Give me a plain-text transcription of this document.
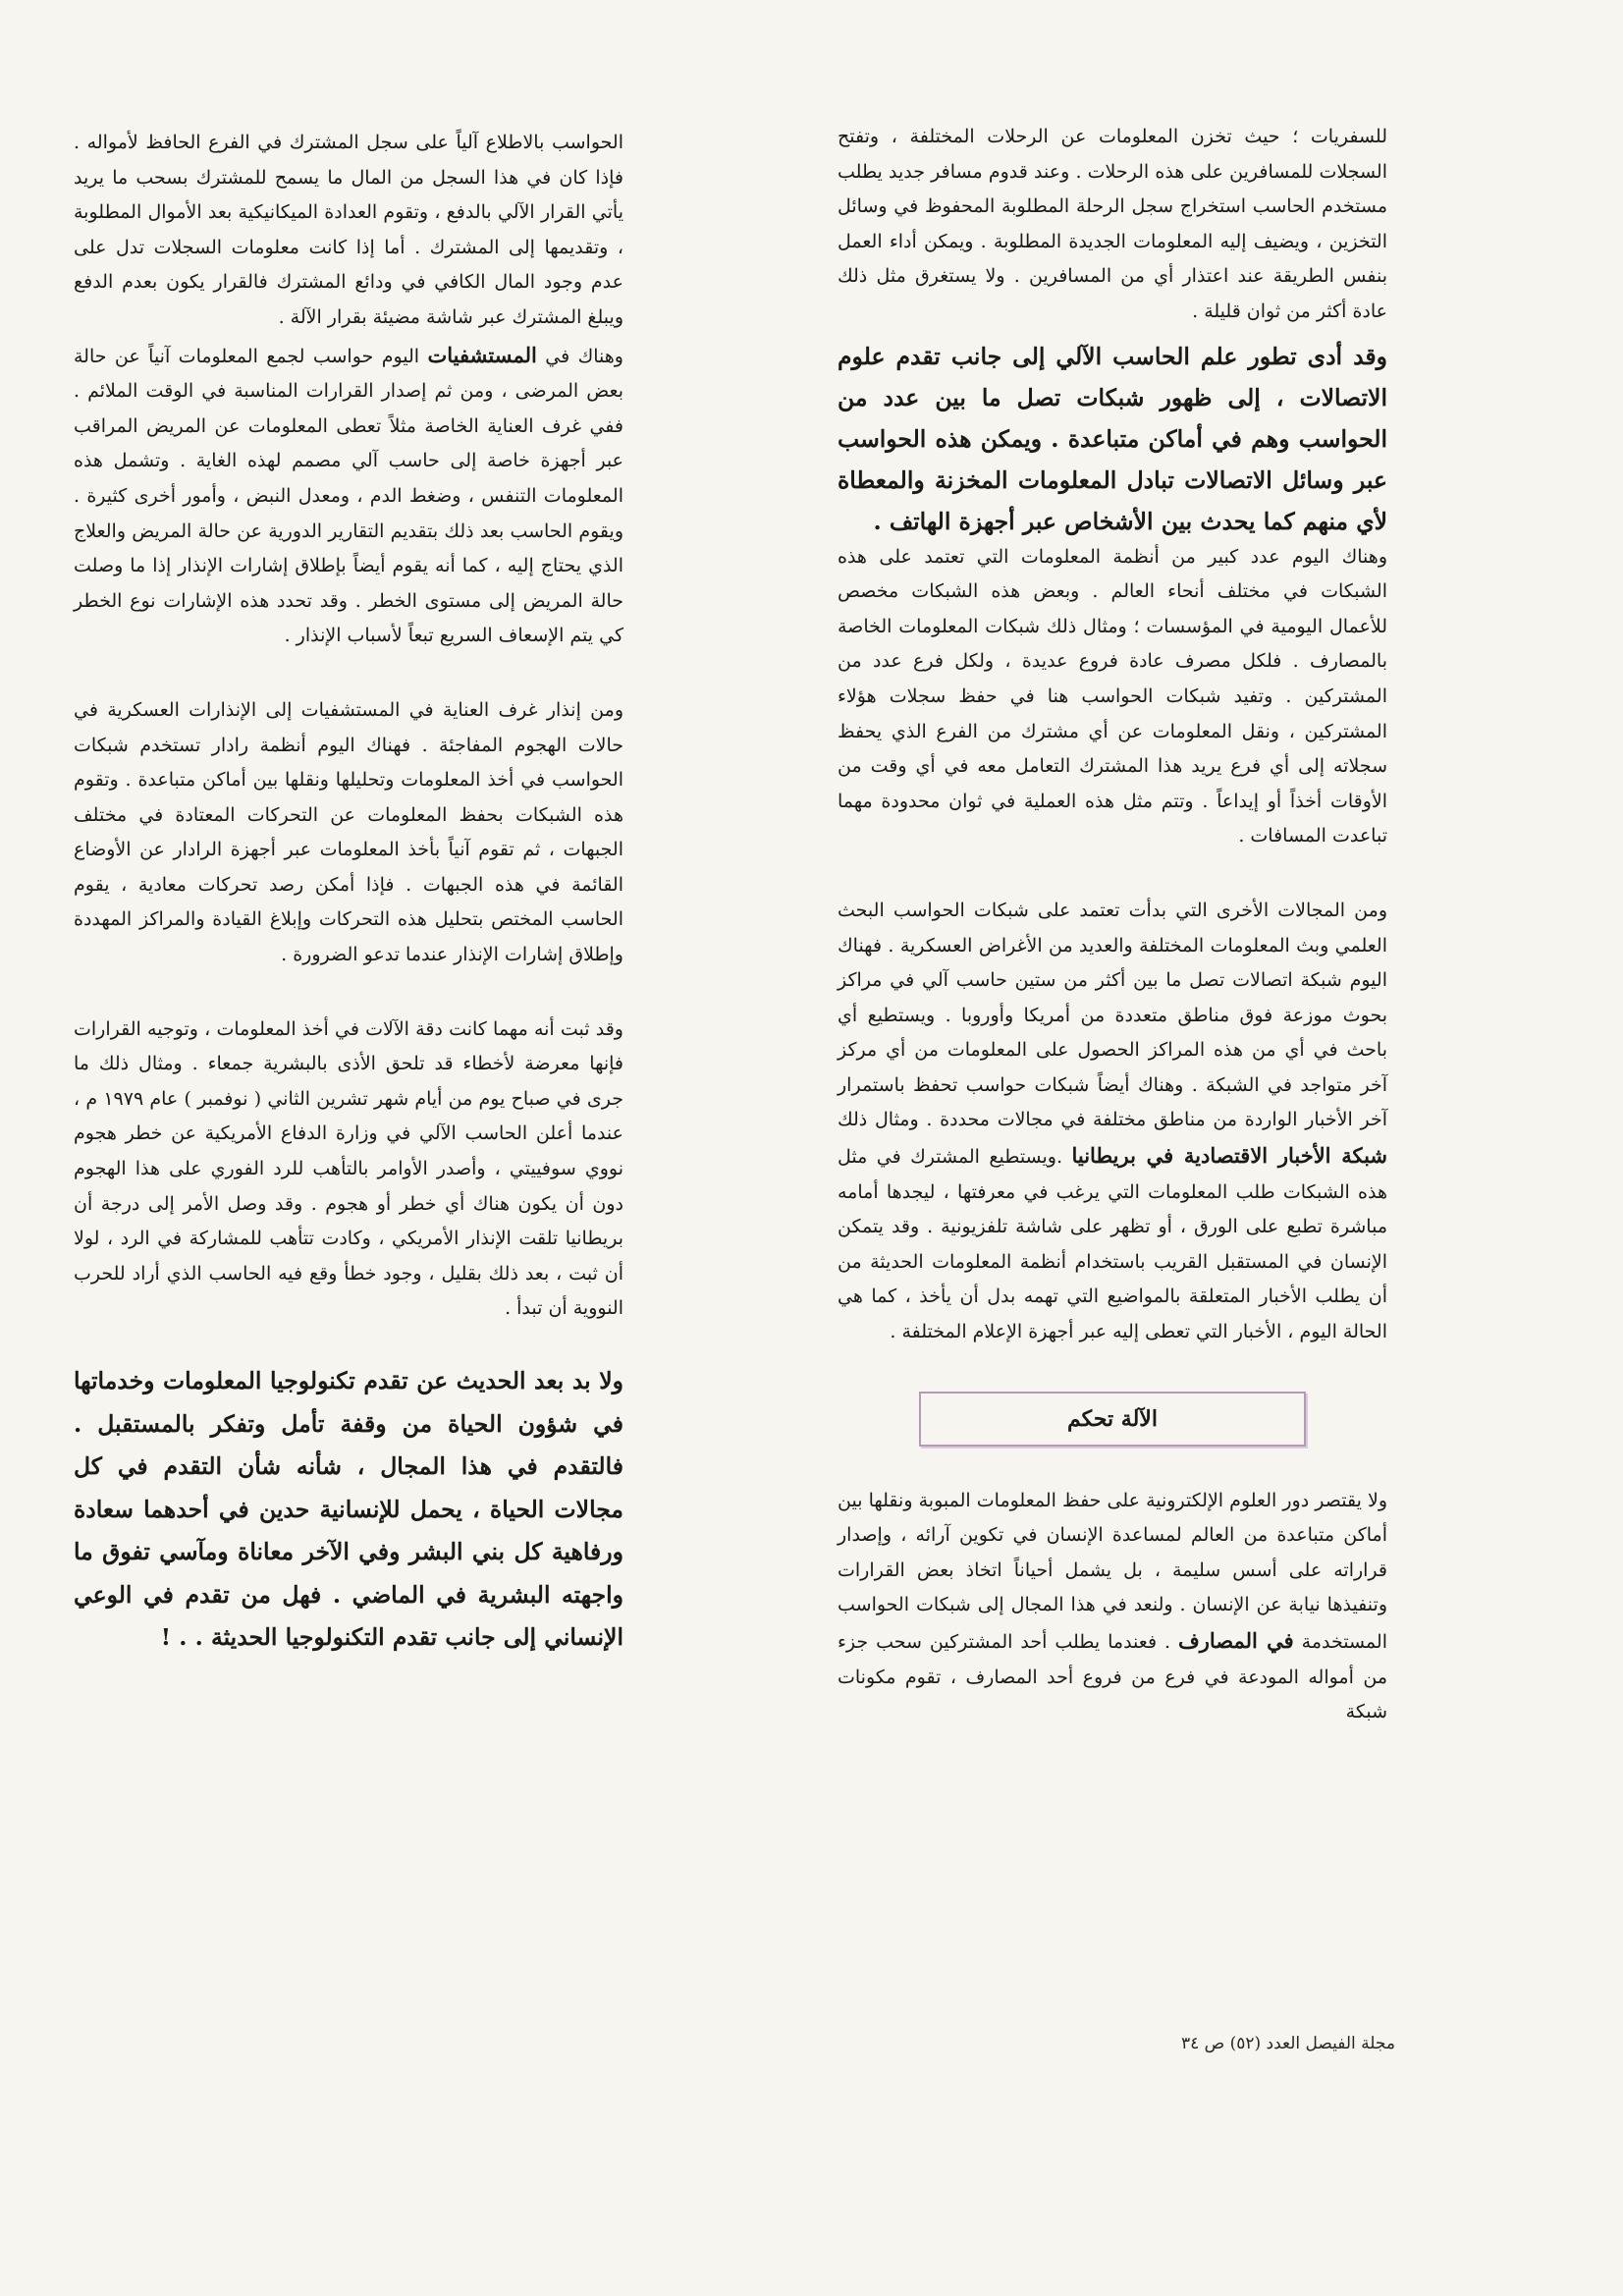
للسفريات ؛ حيث تخزن المعلومات عن الرحلات المختلفة ، وتفتح السجلات للمسافرين على هذه الرحلات . وعند قدوم مسافر جديد يطلب مستخدم الحاسب استخراج سجل الرحلة المطلوبة المحفوظ في وسائل التخزين ، ويضيف إليه المعلومات الجديدة المطلوبة . ويمكن أداء العمل بنفس الطريقة عند اعتذار أي من المسافرين . ولا يستغرق مثل ذلك عادة أكثر من ثوان قليلة .

وقد أدى تطور علم الحاسب الآلي إلى جانب تقدم علوم الاتصالات ، إلى ظهور شبكات تصل ما بين عدد من الحواسب وهم في أماكن متباعدة . ويمكن هذه الحواسب عبر وسائل الاتصالات تبادل المعلومات المخزنة والمعطاة لأي منهم كما يحدث بين الأشخاص عبر أجهزة الهاتف .

وهناك اليوم عدد كبير من أنظمة المعلومات التي تعتمد على هذه الشبكات في مختلف أنحاء العالم . وبعض هذه الشبكات مخصص للأعمال اليومية في المؤسسات ؛ ومثال ذلك شبكات المعلومات الخاصة بالمصارف . فلكل مصرف عادة فروع عديدة ، ولكل فرع عدد من المشتركين . وتفيد شبكات الحواسب هنا في حفظ سجلات هؤلاء المشتركين ، ونقل المعلومات عن أي مشترك من الفرع الذي يحفظ سجلاته إلى أي فرع يريد هذا المشترك التعامل معه في أي وقت من الأوقات أخذاً أو إيداعاً . وتتم مثل هذه العملية في ثوان محدودة مهما تباعدت المسافات .

ومن المجالات الأخرى التي بدأت تعتمد على شبكات الحواسب البحث العلمي وبث المعلومات المختلفة والعديد من الأغراض العسكرية . فهناك اليوم شبكة اتصالات تصل ما بين أكثر من ستين حاسب آلي في مراكز بحوث موزعة فوق مناطق متعددة من أمريكا وأوروبا . ويستطيع أي باحث في أي من هذه المراكز الحصول على المعلومات من أي مركز آخر متواجد في الشبكة . وهناك أيضاً شبكات حواسب تحفظ باستمرار آخر الأخبار الواردة من مناطق مختلفة في مجالات محددة . ومثال ذلك شبكة الأخبار الاقتصادية في بريطانيا .ويستطيع المشترك في مثل هذه الشبكات طلب المعلومات التي يرغب في معرفتها ، ليجدها أمامه مباشرة تطبع على الورق ، أو تظهر على شاشة تلفزيونية . وقد يتمكن الإنسان في المستقبل القريب باستخدام أنظمة المعلومات الحديثة من أن يطلب الأخبار المتعلقة بالمواضيع التي تهمه بدل أن يأخذ ، كما هي الحالة اليوم ، الأخبار التي تعطى إليه عبر أجهزة الإعلام المختلفة .

الآلة تحكم

ولا يقتصر دور العلوم الإلكترونية على حفظ المعلومات المبوبة ونقلها بين أماكن متباعدة من العالم لمساعدة الإنسان في تكوين آرائه ، وإصدار قراراته على أسس سليمة ، بل يشمل أحياناً اتخاذ بعض القرارات وتنفيذها نيابة عن الإنسان . ولنعد في هذا المجال إلى شبكات الحواسب المستخدمة في المصارف . فعندما يطلب أحد المشتركين سحب جزء من أمواله المودعة في فرع من فروع أحد المصارف ، تقوم مكونات شبكة

الحواسب بالاطلاع آلياً على سجل المشترك في الفرع الحافظ لأمواله . فإذا كان في هذا السجل من المال ما يسمح للمشترك بسحب ما يريد يأتي القرار الآلي بالدفع ، وتقوم العدادة الميكانيكية بعد الأموال المطلوبة ، وتقديمها إلى المشترك . أما إذا كانت معلومات السجلات تدل على عدم وجود المال الكافي في ودائع المشترك فالقرار يكون بعدم الدفع ويبلغ المشترك عبر شاشة مضيئة بقرار الآلة .

وهناك في المستشفيات اليوم حواسب لجمع المعلومات آنياً عن حالة بعض المرضى ، ومن ثم إصدار القرارات المناسبة في الوقت الملائم . ففي غرف العناية الخاصة مثلاً تعطى المعلومات عن المريض المراقب عبر أجهزة خاصة إلى حاسب آلي مصمم لهذه الغاية . وتشمل هذه المعلومات التنفس ، وضغط الدم ، ومعدل النبض ، وأمور أخرى كثيرة . ويقوم الحاسب بعد ذلك بتقديم التقارير الدورية عن حالة المريض والعلاج الذي يحتاج إليه ، كما أنه يقوم أيضاً بإطلاق إشارات الإنذار إذا ما وصلت حالة المريض إلى مستوى الخطر . وقد تحدد هذه الإشارات نوع الخطر كي يتم الإسعاف السريع تبعاً لأسباب الإنذار .

ومن إنذار غرف العناية في المستشفيات إلى الإنذارات العسكرية في حالات الهجوم المفاجئة . فهناك اليوم أنظمة رادار تستخدم شبكات الحواسب في أخذ المعلومات وتحليلها ونقلها بين أماكن متباعدة . وتقوم هذه الشبكات بحفظ المعلومات عن التحركات المعتادة في مختلف الجبهات ، ثم تقوم آنياً بأخذ المعلومات عبر أجهزة الرادار عن الأوضاع القائمة في هذه الجبهات . فإذا أمكن رصد تحركات معادية ، يقوم الحاسب المختص بتحليل هذه التحركات وإبلاغ القيادة والمراكز المهددة وإطلاق إشارات الإنذار عندما تدعو الضرورة .

وقد ثبت أنه مهما كانت دقة الآلات في أخذ المعلومات ، وتوجيه القرارات فإنها معرضة لأخطاء قد تلحق الأذى بالبشرية جمعاء . ومثال ذلك ما جرى في صباح يوم من أيام شهر تشرين الثاني ( نوفمبر ) عام ١٩٧٩ م ، عندما أعلن الحاسب الآلي في وزارة الدفاع الأمريكية عن خطر هجوم نووي سوفييتي ، وأصدر الأوامر بالتأهب للرد الفوري على هذا الهجوم دون أن يكون هناك أي خطر أو هجوم . وقد وصل الأمر إلى درجة أن بريطانيا تلقت الإنذار الأمريكي ، وكادت تتأهب للمشاركة في الرد ، لولا أن ثبت ، بعد ذلك بقليل ، وجود خطأ وقع فيه الحاسب الذي أراد للحرب النووية أن تبدأ .

ولا بد بعد الحديث عن تقدم تكنولوجيا المعلومات وخدماتها في شؤون الحياة من وقفة تأمل وتفكر بالمستقبل . فالتقدم في هذا المجال ، شأنه شأن التقدم في كل مجالات الحياة ، يحمل للإنسانية حدين في أحدهما سعادة ورفاهية كل بني البشر وفي الآخر معاناة ومآسي تفوق ما واجهته البشرية في الماضي . فهل من تقدم في الوعي الإنساني إلى جانب تقدم التكنولوجيا الحديثة . . !

مجلة الفيصل العدد (٥٢) ص ٣٤
